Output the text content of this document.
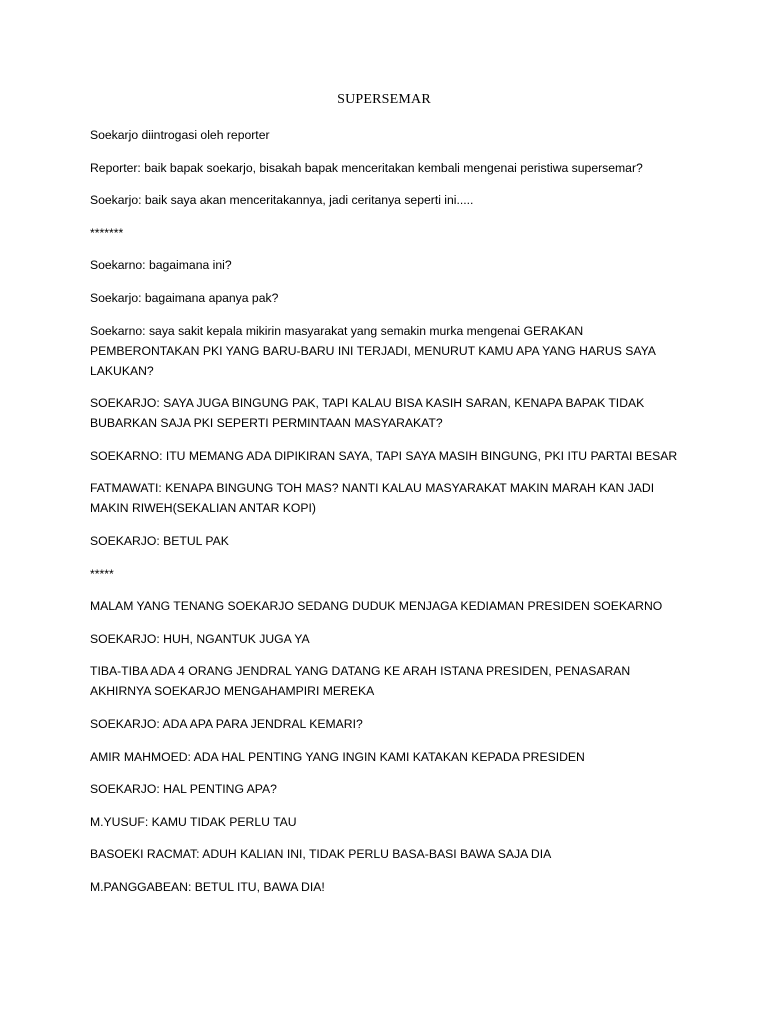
SUPERSEMAR

Soekarjo diintrogasi oleh reporter

Reporter: baik bapak soekarjo, bisakah bapak menceritakan kembali mengenai peristiwa supersemar?

Soekarjo: baik saya akan menceritakannya, jadi ceritanya seperti ini.....

*******

Soekarno: bagaimana ini?

Soekarjo: bagaimana apanya pak?

Soekarno: saya sakit kepala mikirin masyarakat yang semakin murka mengenai GERAKAN PEMBERONTAKAN PKI YANG BARU-BARU INI TERJADI, MENURUT KAMU APA YANG HARUS SAYA LAKUKAN?

SOEKARJO: SAYA JUGA BINGUNG PAK, TAPI KALAU BISA KASIH SARAN, KENAPA BAPAK TIDAK BUBARKAN SAJA PKI SEPERTI PERMINTAAN MASYARAKAT?

SOEKARNO: ITU MEMANG ADA DIPIKIRAN SAYA, TAPI SAYA MASIH BINGUNG, PKI ITU PARTAI BESAR

FATMAWATI: KENAPA BINGUNG TOH MAS? NANTI KALAU MASYARAKAT MAKIN MARAH KAN JADI MAKIN RIWEH(SEKALIAN ANTAR KOPI)

SOEKARJO: BETUL PAK

*****

MALAM YANG TENANG SOEKARJO SEDANG DUDUK MENJAGA KEDIAMAN PRESIDEN SOEKARNO

SOEKARJO: HUH, NGANTUK JUGA YA

TIBA-TIBA ADA 4 ORANG JENDRAL YANG DATANG KE ARAH ISTANA PRESIDEN, PENASARAN AKHIRNYA SOEKARJO MENGAHAMPIRI MEREKA

SOEKARJO: ADA APA PARA JENDRAL KEMARI?

AMIR MAHMOED: ADA HAL PENTING YANG INGIN KAMI KATAKAN KEPADA PRESIDEN

SOEKARJO: HAL PENTING APA?

M.YUSUF: KAMU TIDAK PERLU TAU

BASOEKI RACMAT: ADUH KALIAN INI, TIDAK PERLU BASA-BASI BAWA SAJA DIA

M.PANGGABEAN: BETUL ITU, BAWA DIA!
